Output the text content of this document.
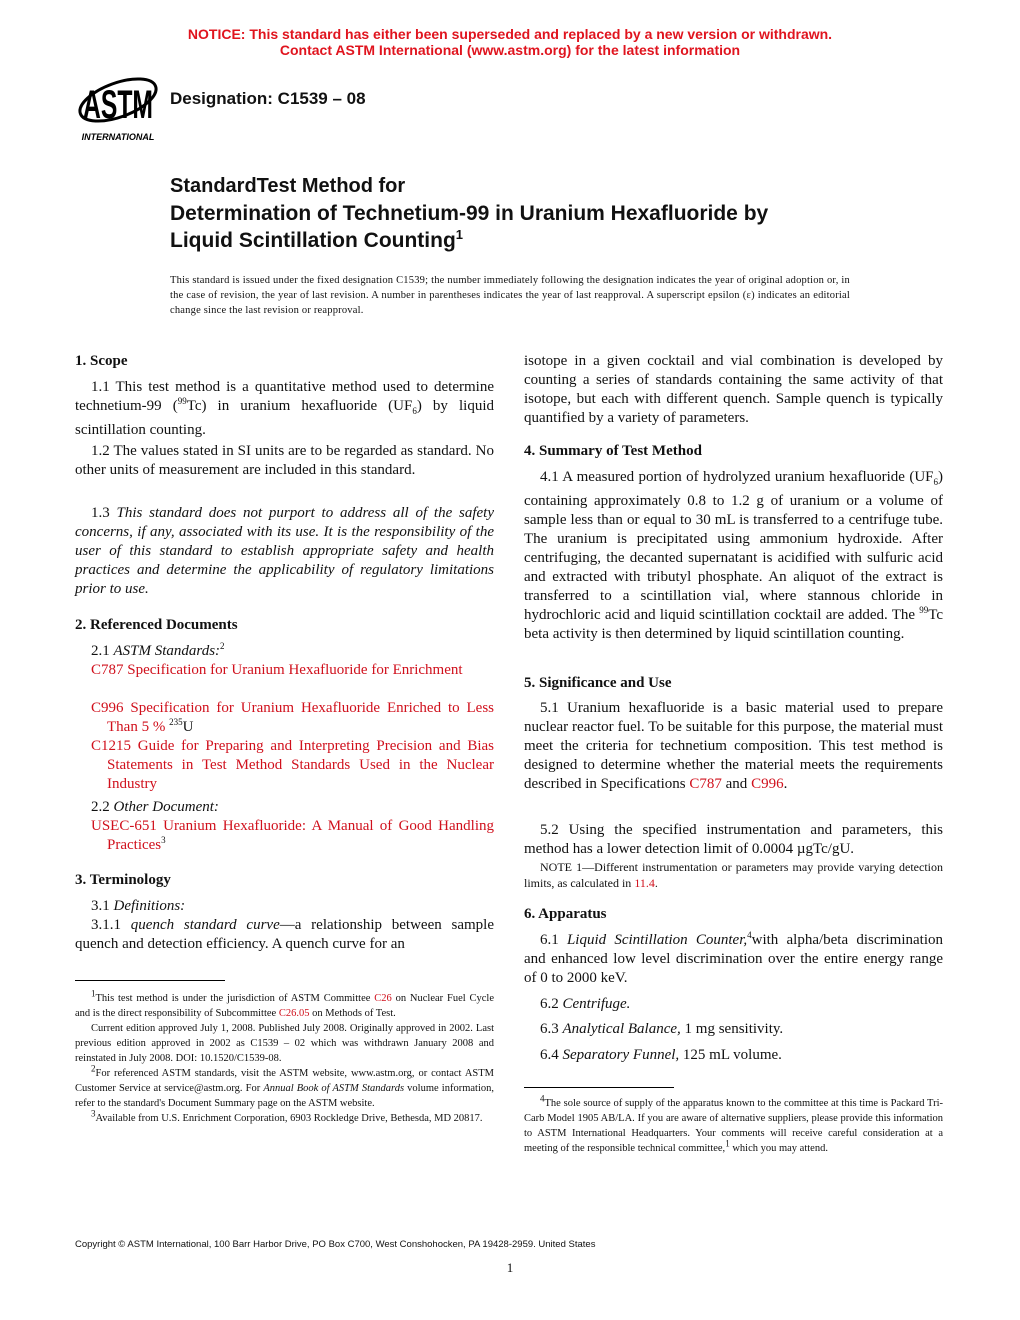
NOTICE: This standard has either been superseded and replaced by a new version or withdrawn.
Contact ASTM International (www.astm.org) for the latest information
ASTM
INTERNATIONAL
Designation: C1539 – 08
StandardTest Method for
Determination of Technetium-99 in Uranium Hexafluoride by
Liquid Scintillation Counting$^1$
This standard is issued under the fixed designation C1539; the number immediately following the designation indicates the year of original adoption or, in the case of revision, the year of last revision. A number in parentheses indicates the year of last reapproval. A superscript epsilon (ε) indicates an editorial change since the last revision or reapproval.
1. Scope

1.1 This test method is a quantitative method used to determine technetium-99 ($^{99}$Tc) in uranium hexafluoride $(UF_6)$ by liquid scintillation counting.

1.2 The values stated in SI units are to be regarded as standard. No other units of measurement are included in this standard.

1.3 This standard does not purport to address all of the safety concerns, if any, associated with its use. It is the responsibility of the user of this standard to establish appropriate safety and health practices and determine the applicability of regulatory limitations prior to use.

2. Referenced Documents

2.1 ASTM Standards:$^2$

C787 Specification for Uranium Hexafluoride for Enrichment

C996 Specification for Uranium Hexafluoride Enriched to Less Than 5 % $^{235}$U

C1215 Guide for Preparing and Interpreting Precision and Bias Statements in Test Method Standards Used in the Nuclear Industry

2.2 Other Document:

USEC-651 Uranium Hexafluoride: A Manual of Good Handling Practices$^3$

3. Terminology

3.1 Definitions:

3.1.1 quench standard curve—a relationship between sample quench and detection efficiency. A quench curve for an

isotope in a given cocktail and vial combination is developed by counting a series of standards containing the same activity of that isotope, but each with different quench. Sample quench is typically quantified by a variety of parameters.

4. Summary of Test Method

4.1 A measured portion of hydrolyzed uranium hexafluoride $(UF_6)$ containing approximately 0.8 to 1.2 g of uranium or a volume of sample less than or equal to 30 mL is transferred to a centrifuge tube. The uranium is precipitated using ammonium hydroxide. After centrifuging, the decanted supernatant is acidified with sulfuric acid and extracted with tributyl phosphate. An aliquot of the extract is transferred to a scintillation vial, where stannous chloride in hydrochloric acid and liquid scintillation cocktail are added. The $^{99}$Tc beta activity is then determined by liquid scintillation counting.

5. Significance and Use

5.1 Uranium hexafluoride is a basic material used to prepare nuclear reactor fuel. To be suitable for this purpose, the material must meet the criteria for technetium composition. This test method is designed to determine whether the material meets the requirements described in Specifications C787 and C996.

5.2 Using the specified instrumentation and parameters, this method has a lower detection limit of 0.0004 µgTc/gU.

NOTE 1—Different instrumentation or parameters may provide varying detection limits, as calculated in 11.4.

6. Apparatus

6.1 Liquid Scintillation Counter,$^4$with alpha/beta discrimination and enhanced low level discrimination over the entire energy range of 0 to 2000 keV.

6.2 Centrifuge.

6.3 Analytical Balance, 1 mg sensitivity.

6.4 Separatory Funnel, 125 mL volume.

$^1$This test method is under the jurisdiction of ASTM Committee C26 on Nuclear Fuel Cycle and is the direct responsibility of Subcommittee C26.05 on Methods of Test.

Current edition approved July 1, 2008. Published July 2008. Originally approved in 2002. Last previous edition approved in 2002 as C1539 – 02 which was withdrawn January 2008 and reinstated in July 2008. DOI: 10.1520/C1539-08.

$^2$For referenced ASTM standards, visit the ASTM website, www.astm.org, or contact ASTM Customer Service at service@astm.org. For Annual Book of ASTM Standards volume information, refer to the standard's Document Summary page on the ASTM website.

$^3$Available from U.S. Enrichment Corporation, 6903 Rockledge Drive, Bethesda, MD 20817.

$^4$The sole source of supply of the apparatus known to the committee at this time is Packard Tri-Carb Model 1905 AB/LA. If you are aware of alternative suppliers, please provide this information to ASTM International Headquarters. Your comments will receive careful consideration at a meeting of the responsible technical committee,$^1$ which you may attend.

Copyright © ASTM International, 100 Barr Harbor Drive, PO Box C700, West Conshohocken, PA 19428-2959. United States
1
